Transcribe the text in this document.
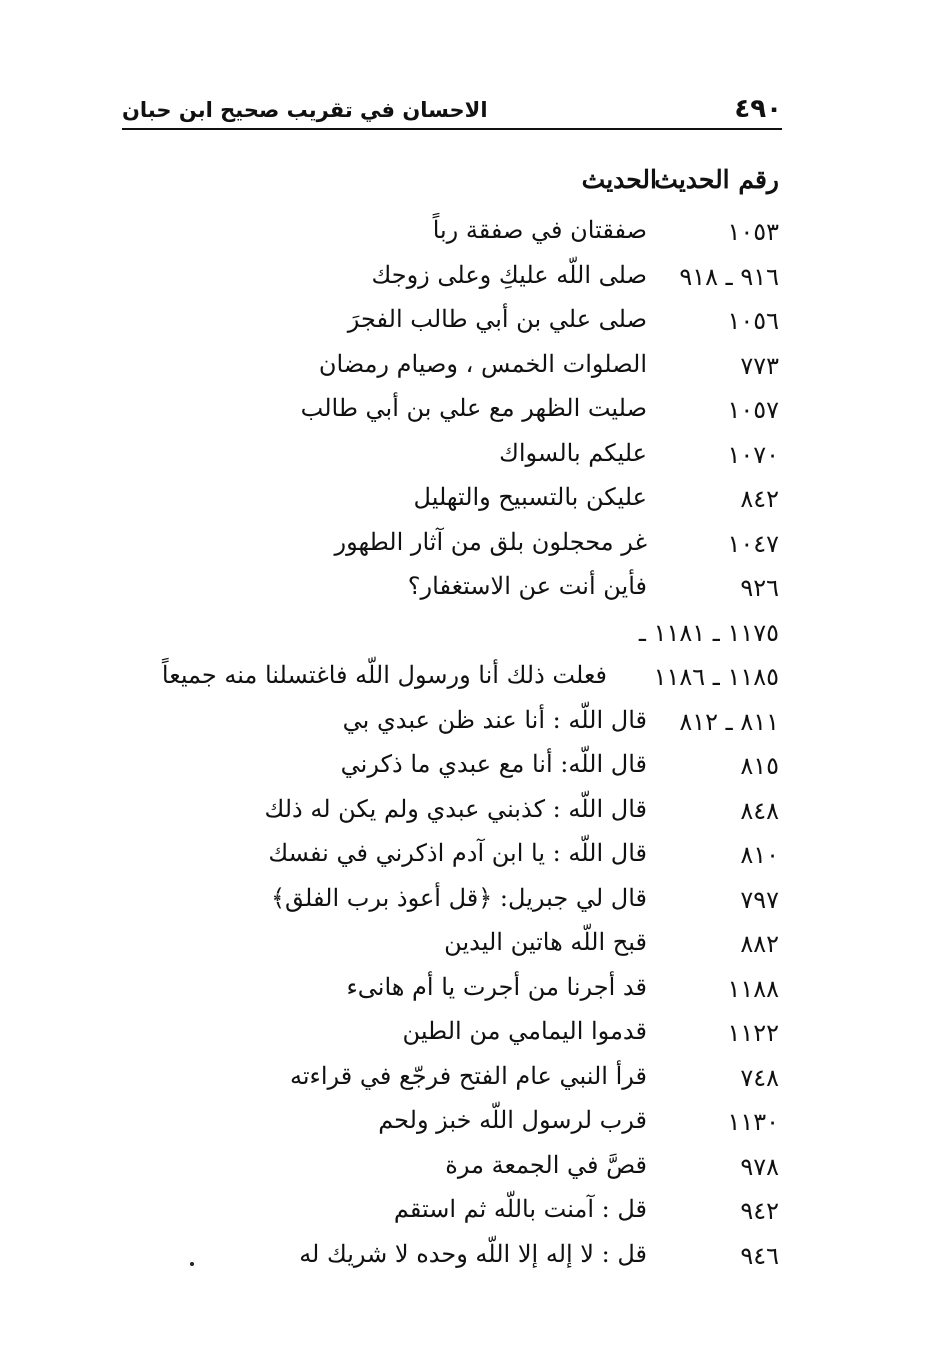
٤٩٠
الاحسان في تقريب صحيح ابن حبان
رقم الحديث
الحديث
١٠٥٣
صفقتان في صفقة رباً
٩١٦ ـ ٩١٨
صلى اللّه عليكِ وعلى زوجك
١٠٥٦
صلى علي بن أبي طالب الفجرَ
٧٧٣
الصلوات الخمس ، وصيام رمضان
١٠٥٧
صليت الظهر مع علي بن أبي طالب
١٠٧٠
عليكم بالسواك
٨٤٢
عليكن بالتسبيح والتهليل
١٠٤٧
غر محجلون بلق من آثار الطهور
٩٢٦
فأين أنت عن الاستغفار؟
١١٧٥ ـ ١١٨١ ـ
١١٨٥ ـ ١١٨٦
فعلت ذلك أنا ورسول اللّه فاغتسلنا منه جميعاً
٨١١ ـ ٨١٢
قال اللّه : أنا عند ظن عبدي بي
٨١٥
قال اللّه: أنا مع عبدي ما ذكرني
٨٤٨
قال اللّه : كذبني عبدي ولم يكن له ذلك
٨١٠
قال اللّه : يا ابن آدم اذكرني في نفسك
٧٩٧
قال لي جبريل: ﴿قل أعوذ برب الفلق﴾
٨٨٢
قبح اللّه هاتين اليدين
١١٨٨
قد أجرنا من أجرت يا أم هانىء
١١٢٢
قدموا اليمامي من الطين
٧٤٨
قرأ النبي عام الفتح فرجّع في قراءته
١١٣٠
قرب لرسول اللّه خبز ولحم
٩٧٨
قصَّ في الجمعة مرة
٩٤٢
قل : آمنت باللّه ثم استقم
٩٤٦
قل : لا إله إلا اللّه وحده لا شريك له
